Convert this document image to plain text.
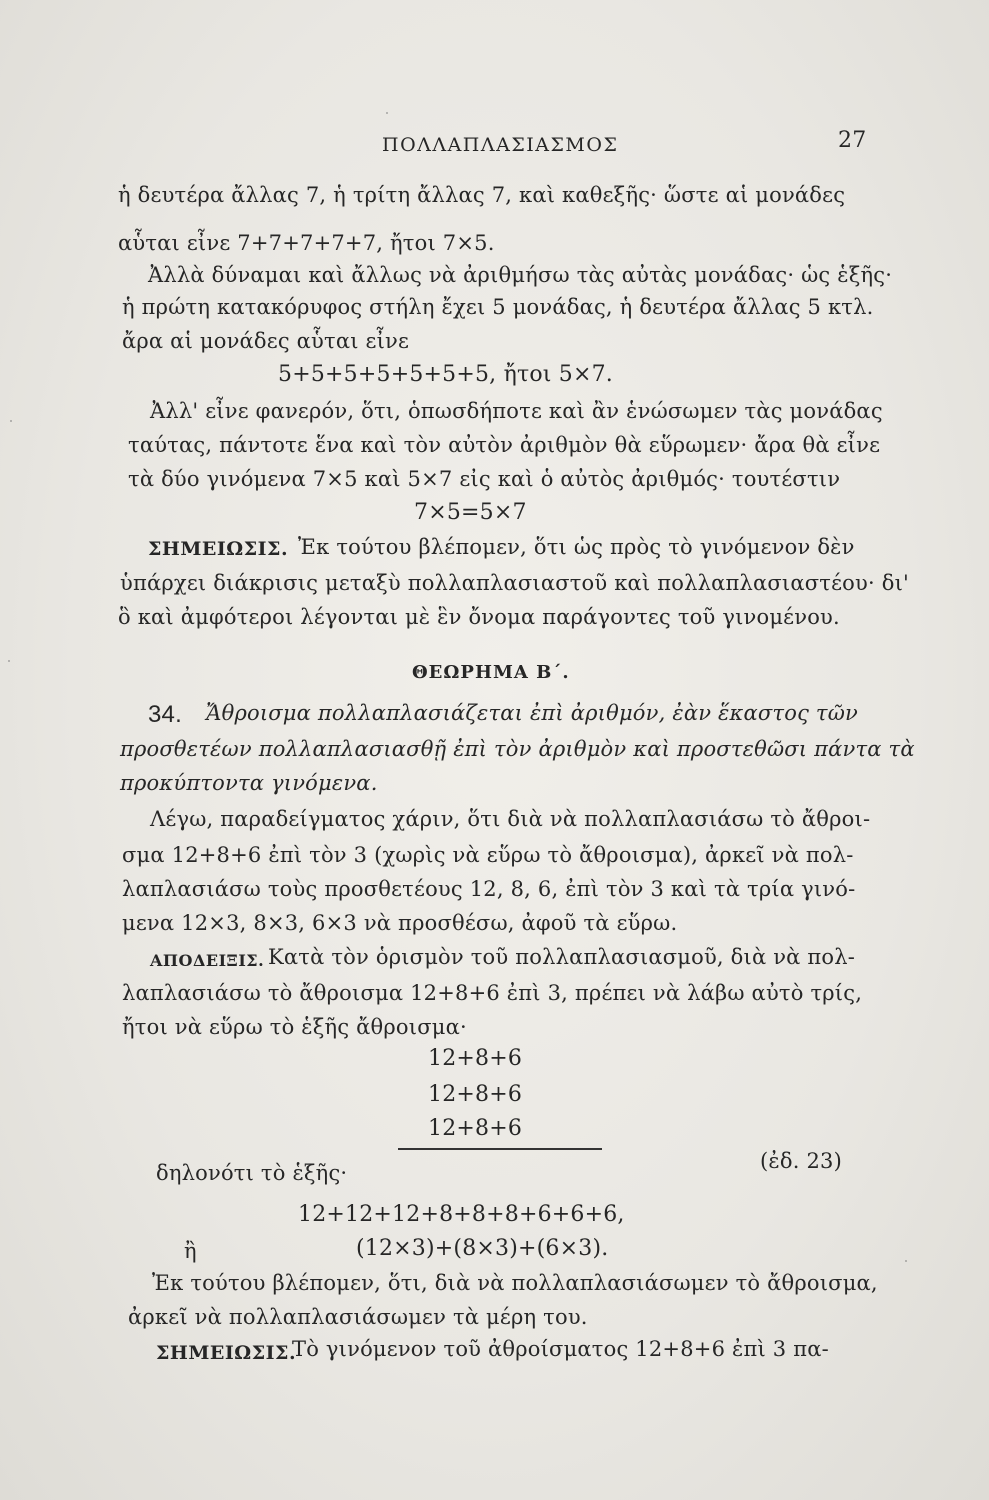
ΠΟΛΛΑΠΛΑΣΙΑΣΜΟΣ	27
ἡ δευτέρα ἄλλας 7, ἡ τρίτη ἄλλας 7, καὶ καθεξῆς· ὥστε αἱ μονάδες
αὗται εἶνε 7+7+7+7+7, ἤτοι 7×5.
Ἀλλὰ δύναμαι καὶ ἄλλως νὰ ἀριθμήσω τὰς αὐτὰς μονάδας· ὡς ἑξῆς·
ἡ πρώτη κατακόρυφος στήλη ἔχει 5 μονάδας, ἡ δευτέρα ἄλλας 5 κτλ.
ἄρα αἱ μονάδες αὗται εἶνε
5+5+5+5+5+5+5, ἤτοι 5×7.
Ἀλλ' εἶνε φανερόν, ὅτι, ὁπωσδήποτε καὶ ἂν ἑνώσωμεν τὰς μονάδας
ταύτας, πάντοτε ἕνα καὶ τὸν αὐτὸν ἀριθμὸν θὰ εὕρωμεν· ἄρα θὰ εἶνε
τὰ δύο γινόμενα 7×5 καὶ 5×7 εἰς καὶ ὁ αὐτὸς ἀριθμός· τουτέστιν
7×5=5×7
ΣΗΜΕΙΩΣΙΣ. Ἐκ τούτου βλέπομεν, ὅτι ὡς πρὸς τὸ γινόμενον δὲν
ὑπάρχει διάκρισις μεταξὺ πολλαπλασιαστοῦ καὶ πολλαπλασιαστέου· δι'
ὃ καὶ ἀμφότεροι λέγονται μὲ ἓν ὄνομα παράγοντες τοῦ γινομένου.
ΘΕΩΡΗΜΑ Β΄.
34. Ἄθροισμα πολλαπλασιάζεται ἐπὶ ἀριθμόν, ἐὰν ἕκαστος τῶν
προσθετέων πολλαπλασιασθῇ ἐπὶ τὸν ἀριθμὸν καὶ προστεθῶσι πάντα τὰ
προκύπτοντα γινόμενα.
Λέγω, παραδείγματος χάριν, ὅτι διὰ νὰ πολλαπλασιάσω τὸ ἄθροι-
σμα 12+8+6 ἐπὶ τὸν 3 (χωρὶς νὰ εὕρω τὸ ἄθροισμα), ἀρκεῖ νὰ πολ-
λαπλασιάσω τοὺς προσθετέους 12, 8, 6, ἐπὶ τὸν 3 καὶ τὰ τρία γινό-
μενα 12×3, 8×3, 6×3 νὰ προσθέσω, ἀφοῦ τὰ εὕρω.
ΑΠΟΔΕΙΞΙΣ. Κατὰ τὸν ὁρισμὸν τοῦ πολλαπλασιασμοῦ, διὰ νὰ πολ-
λαπλασιάσω τὸ ἄθροισμα 12+8+6 ἐπὶ 3, πρέπει νὰ λάβω αὐτὸ τρίς,
ἤτοι νὰ εὕρω τὸ ἑξῆς ἄθροισμα·
12+8+6
12+8+6
12+8+6
δηλονότι τὸ ἑξῆς·	(ἐδ. 23)
12+12+12+8+8+8+6+6+6,
ἢ	(12×3)+(8×3)+(6×3).
Ἐκ τούτου βλέπομεν, ὅτι, διὰ νὰ πολλαπλασιάσωμεν τὸ ἄθροισμα,
ἀρκεῖ νὰ πολλαπλασιάσωμεν τὰ μέρη του.
ΣΗΜΕΙΩΣΙΣ.
Τὸ γινόμενον τοῦ ἀθροίσματος 12+8+6 ἐπὶ 3 πα-
